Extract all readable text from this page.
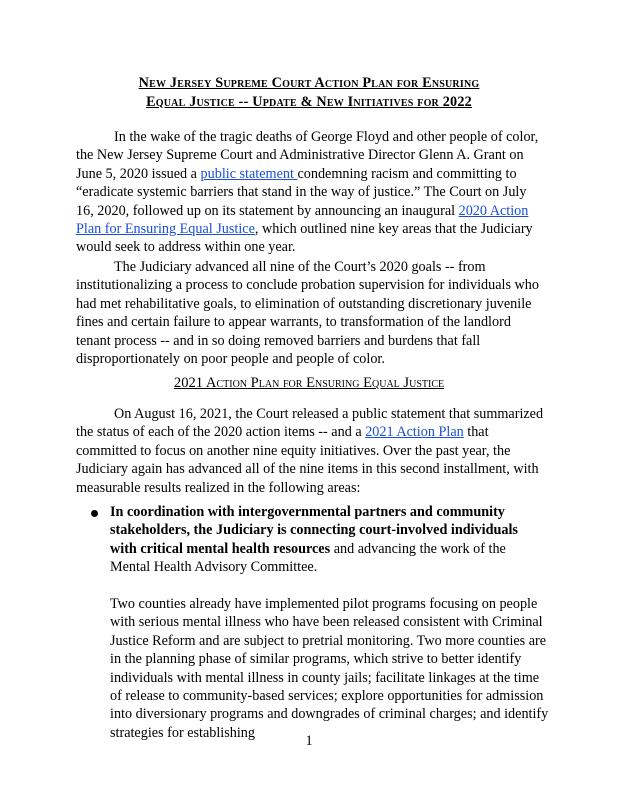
New Jersey Supreme Court Action Plan for Ensuring
Equal Justice -- Update & New Initiatives for 2022

In the wake of the tragic deaths of George Floyd and other people of color, the New Jersey Supreme Court and Administrative Director Glenn A. Grant on June 5, 2020 issued a public statement condemning racism and committing to “eradicate systemic barriers that stand in the way of justice.” The Court on July 16, 2020, followed up on its statement by announcing an inaugural 2020 Action Plan for Ensuring Equal Justice, which outlined nine key areas that the Judiciary would seek to address within one year.

The Judiciary advanced all nine of the Court’s 2020 goals -- from institutionalizing a process to conclude probation supervision for individuals who had met rehabilitative goals, to elimination of outstanding discretionary juvenile fines and certain failure to appear warrants, to transformation of the landlord tenant process -- and in so doing removed barriers and burdens that fall disproportionately on poor people and people of color.

2021 Action Plan for Ensuring Equal Justice

On August 16, 2021, the Court released a public statement that summarized the status of each of the 2020 action items -- and a 2021 Action Plan that committed to focus on another nine equity initiatives. Over the past year, the Judiciary again has advanced all of the nine items in this second installment, with measurable results realized in the following areas:

In coordination with intergovernmental partners and community stakeholders, the Judiciary is connecting court-involved individuals with critical mental health resources and advancing the work of the Mental Health Advisory Committee.

Two counties already have implemented pilot programs focusing on people with serious mental illness who have been released consistent with Criminal Justice Reform and are subject to pretrial monitoring. Two more counties are in the planning phase of similar programs, which strive to better identify individuals with mental illness in county jails; facilitate linkages at the time of release to community-based services; explore opportunities for admission into diversionary programs and downgrades of criminal charges; and identify strategies for establishing

1
